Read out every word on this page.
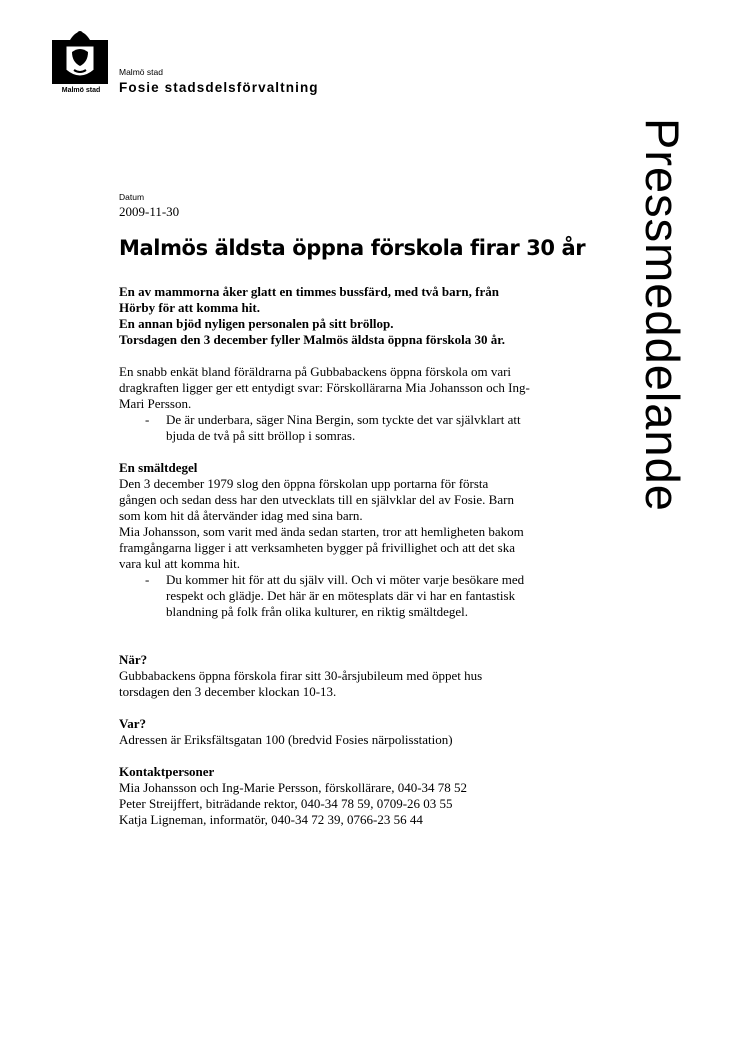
Malmö stad
Malmö stad
Fosie stadsdelsförvaltning
Pressmeddelande
Datum
2009-11-30
Malmös äldsta öppna förskola firar 30 år

En av mammorna åker glatt en timmes bussfärd, med två barn, från

Hörby för att komma hit.

En annan bjöd nyligen personalen på sitt bröllop.

Torsdagen den 3 december fyller Malmös äldsta öppna förskola 30 år.

En snabb enkät bland föräldrarna på Gubbabackens öppna förskola om vari

dragkraften ligger ger ett entydigt svar: Förskollärarna Mia Johansson och Ing-

Mari Persson.

- De är underbara, säger Nina Bergin, som tyckte det var självklart att

bjuda de två på sitt bröllop i somras.

En smältdegel

Den 3 december 1979 slog den öppna förskolan upp portarna för första

gången och sedan dess har den utvecklats till en självklar del av Fosie. Barn

som kom hit då återvänder idag med sina barn.

Mia Johansson, som varit med ända sedan starten, tror att hemligheten bakom

framgångarna ligger i att verksamheten bygger på frivillighet och att det ska

vara kul att komma hit.

- Du kommer hit för att du själv vill. Och vi möter varje besökare med

respekt och glädje. Det här är en mötesplats där vi har en fantastisk

blandning på folk från olika kulturer, en riktig smältdegel.

När?

Gubbabackens öppna förskola firar sitt 30-årsjubileum med öppet hus

torsdagen den 3 december klockan 10-13.

Var?

Adressen är Eriksfältsgatan 100 (bredvid Fosies närpolisstation)

Kontaktpersoner

Mia Johansson och Ing-Marie Persson, förskollärare, 040-34 78 52

Peter Streijffert, biträdande rektor, 040-34 78 59, 0709-26 03 55

Katja Ligneman, informatör, 040-34 72 39, 0766-23 56 44
